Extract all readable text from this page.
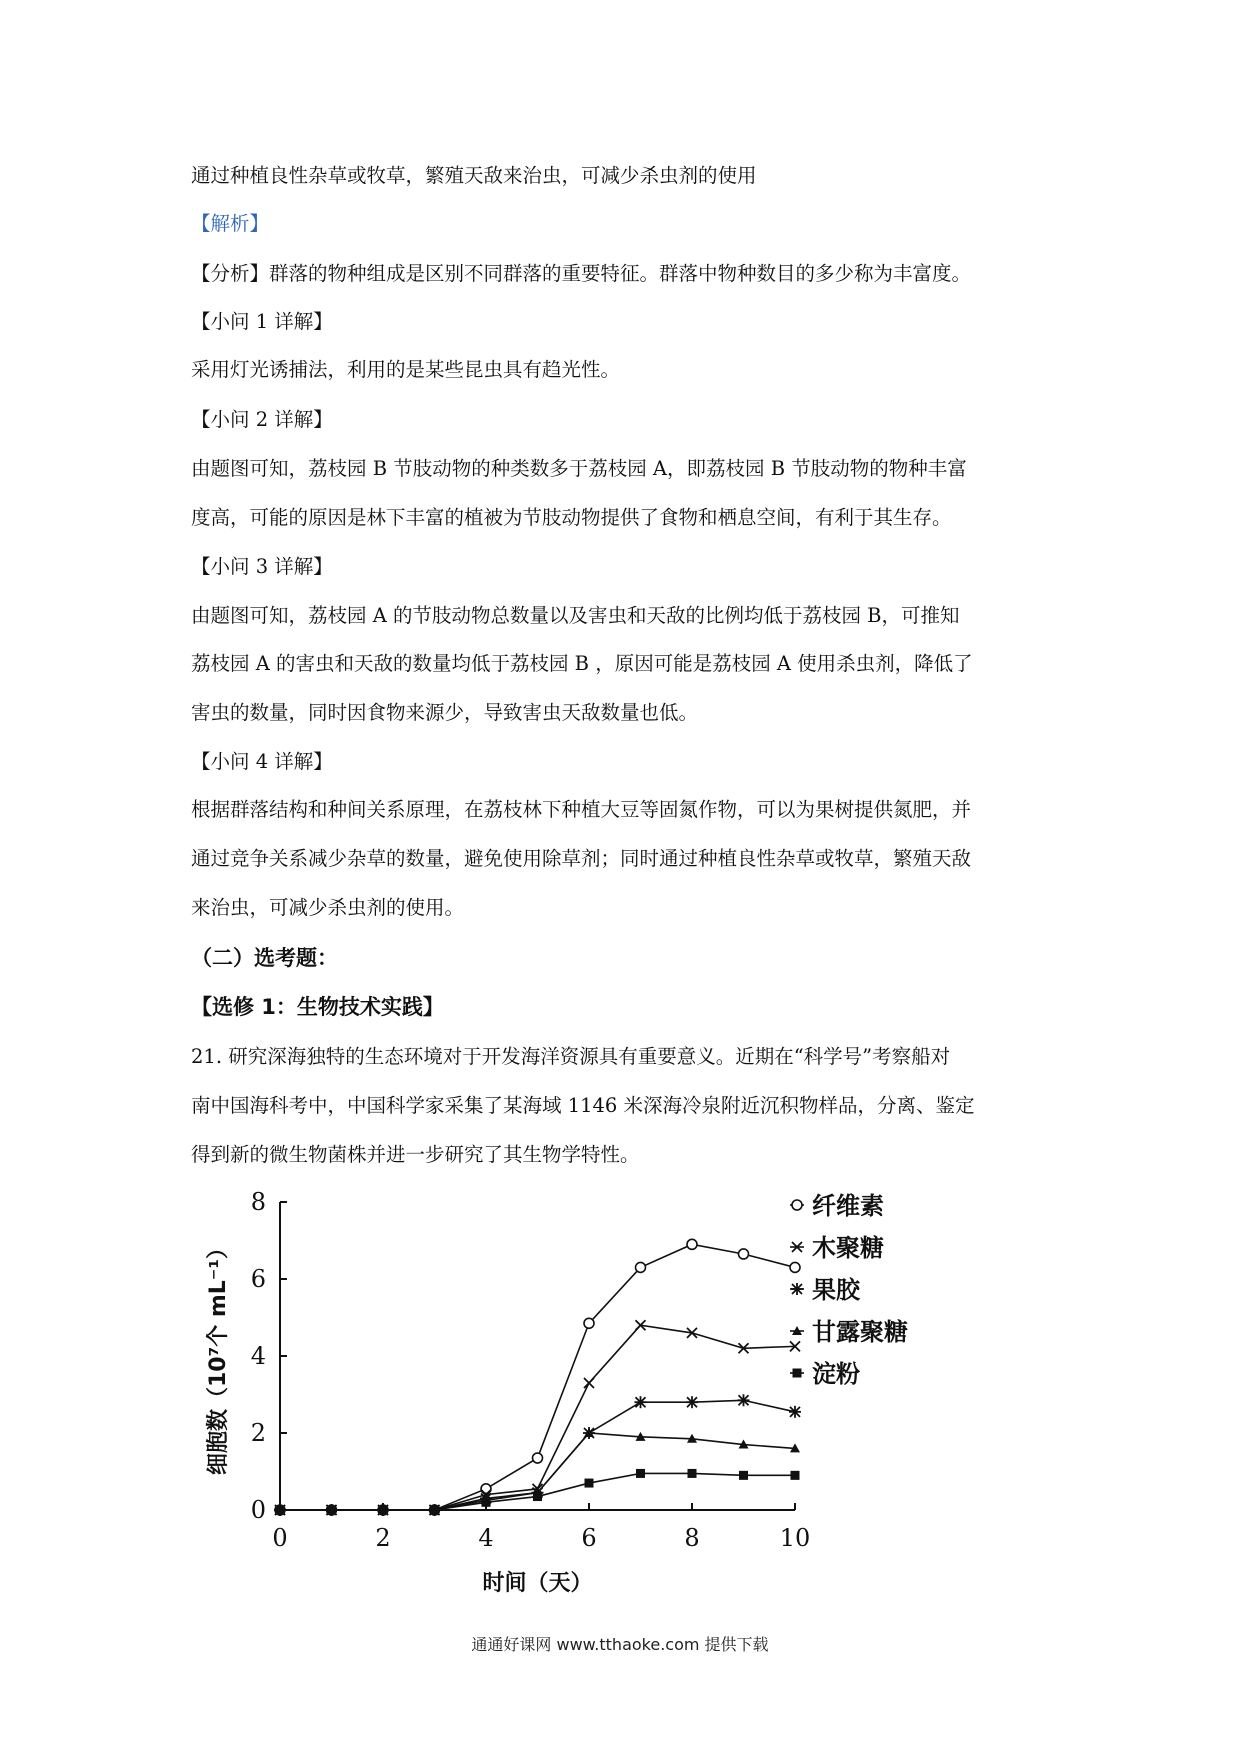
通过种植良性杂草或牧草，繁殖天敌来治虫，可减少杀虫剂的使用
【解析】
【分析】群落的物种组成是区别不同群落的重要特征。群落中物种数目的多少称为丰富度。
【小问 1 详解】
采用灯光诱捕法，利用的是某些昆虫具有趋光性。
【小问 2 详解】
由题图可知，荔枝园 B 节肢动物的种类数多于荔枝园 A，即荔枝园 B 节肢动物的物种丰富
度高，可能的原因是林下丰富的植被为节肢动物提供了食物和栖息空间，有利于其生存。
【小问 3 详解】
由题图可知，荔枝园 A 的节肢动物总数量以及害虫和天敌的比例均低于荔枝园 B，可推知
荔枝园 A 的害虫和天敌的数量均低于荔枝园 B ，原因可能是荔枝园 A 使用杀虫剂，降低了
害虫的数量，同时因食物来源少，导致害虫天敌数量也低。
【小问 4 详解】
根据群落结构和种间关系原理，在荔枝林下种植大豆等固氮作物，可以为果树提供氮肥，并
通过竞争关系减少杂草的数量，避免使用除草剂；同时通过种植良性杂草或牧草，繁殖天敌
来治虫，可减少杀虫剂的使用。
（二）选考题：
【选修 1：生物技术实践】
21. 研究深海独特的生态环境对于开发海洋资源具有重要意义。近期在“科学号”考察船对
南中国海科考中，中国科学家采集了某海域 1146 米深海冷泉附近沉积物样品，分离、鉴定
得到新的微生物菌株并进一步研究了其生物学特性。
0
2
4
6
8
0	2	4	6	8	10
时间（天）
细胞数（10⁷个 mL⁻¹）
纤维素
木聚糖
果胶
甘露聚糖
淀粉
通通好课网 www.tthaoke.com 提供下载
